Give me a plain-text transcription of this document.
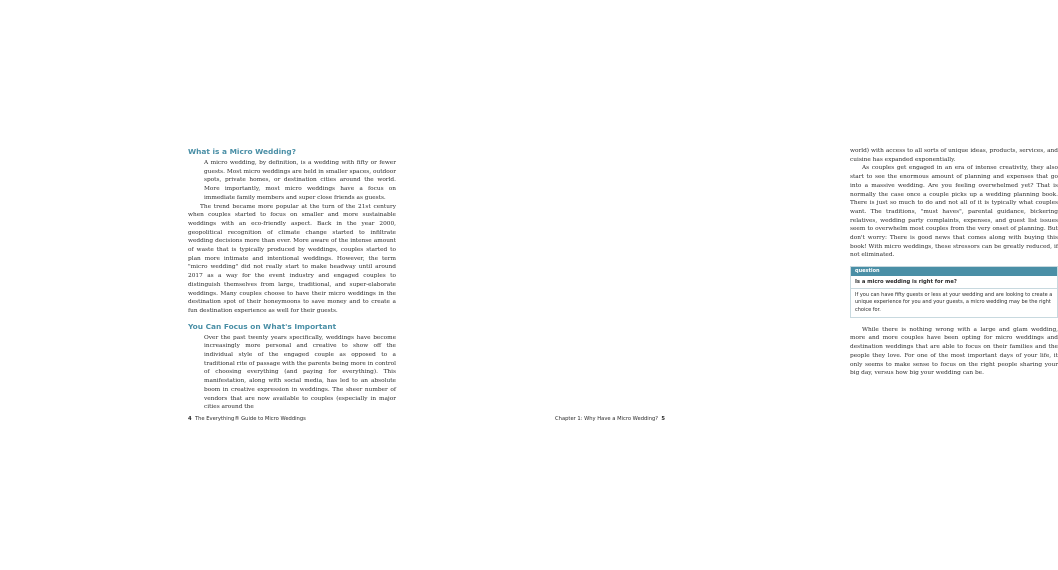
What is a Micro Wedding?

A micro wedding, by definition, is a wedding with fifty or fewer guests. Most micro weddings are held in smaller spaces, outdoor spots, private homes, or destination cities around the world. More importantly, most micro weddings have a focus on immediate family members and super close friends as guests.

The trend became more popular at the turn of the 21st century when couples started to focus on smaller and more sustainable weddings with an eco-friendly aspect. Back in the year 2000, geopolitical recognition of climate change started to infiltrate wedding decisions more than ever. More aware of the intense amount of waste that is typically produced by weddings, couples started to plan more intimate and intentional weddings. However, the term "micro wedding" did not really start to make headway until around 2017 as a way for the event industry and engaged couples to distinguish themselves from large, traditional, and super-elaborate weddings. Many couples choose to have their micro weddings in the destination spot of their honeymoons to save money and to create a fun destination experience as well for their guests.

You Can Focus on What's Important

Over the past twenty years specifically, weddings have become increasingly more personal and creative to show off the individual style of the engaged couple as opposed to a traditional rite of passage with the parents being more in control of choosing everything (and paying for everything). This manifestation, along with social media, has led to an absolute boom in creative expression in weddings. The sheer number of vendors that are now available to couples (especially in major cities around the

4 The Everything® Guide to Micro Weddings

world) with access to all sorts of unique ideas, products, services, and cuisine has expanded exponentially.

As couples get engaged in an era of intense creativity, they also start to see the enormous amount of planning and expenses that go into a massive wedding. Are you feeling overwhelmed yet? That is normally the case once a couple picks up a wedding planning book. There is just so much to do and not all of it is typically what couples want. The traditions, "must haves", parental guidance, bickering relatives, wedding party complaints, expenses, and guest list issues seem to overwhelm most couples from the very onset of planning. But don't worry: There is good news that comes along with buying this book! With micro weddings, these stressors can be greatly reduced, if not eliminated.

question
Is a micro wedding is right for me?
If you can have fifty guests or less at your wedding and are looking to create a unique experience for you and your guests, a micro wedding may be the right choice for.

While there is nothing wrong with a large and glam wedding, more and more couples have been opting for micro weddings and destination weddings that are able to focus on their families and the people they love. For one of the most important days of your life, it only seems to make sense to focus on the right people sharing your big day, versus how big your wedding can be.

Chapter 1: Why Have a Micro Wedding? 5
